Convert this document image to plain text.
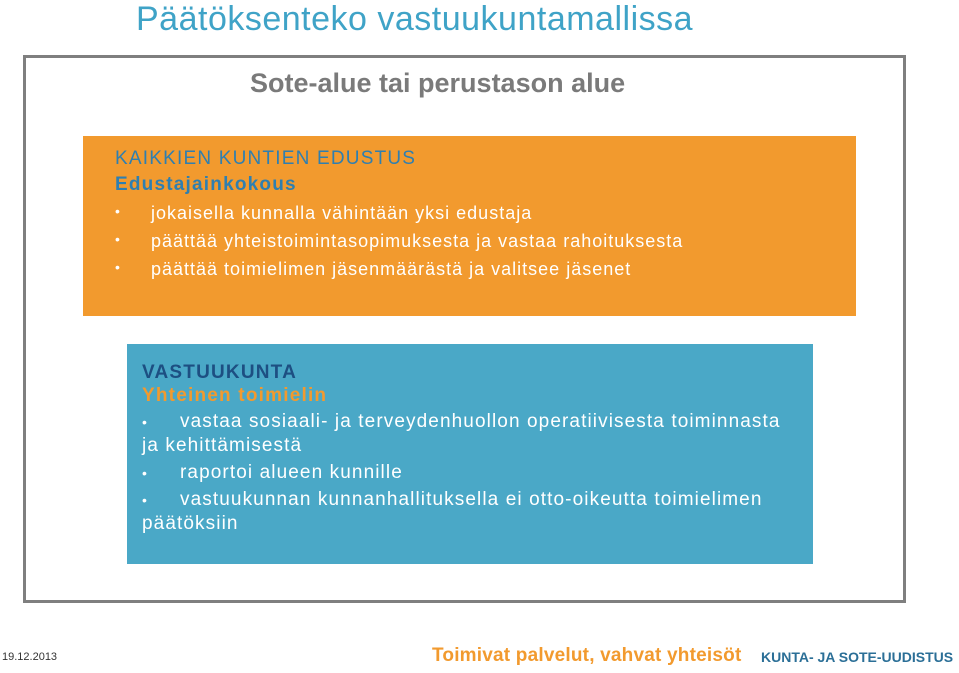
Päätöksenteko vastuukuntamallissa
Sote-alue tai perustason alue
KAIKKIEN KUNTIEN EDUSTUS
Edustajainkokous
• jokaisella kunnalla vähintään yksi edustaja
• päättää yhteistoimintasopimuksesta ja vastaa rahoituksesta
• päättää toimielimen jäsenmäärästä ja valitsee jäsenet
VASTUUKUNTA
Yhteinen toimielin
• vastaa sosiaali- ja terveydenhuollon operatiivisesta toiminnasta ja kehittämisestä
• raportoi alueen kunnille
• vastuukunnan kunnanhallituksella ei otto-oikeutta toimielimen päätöksiin
19.12.2013	Toimivat palvelut, vahvat yhteisöt KUNTA- JA SOTE-UUDISTUS
